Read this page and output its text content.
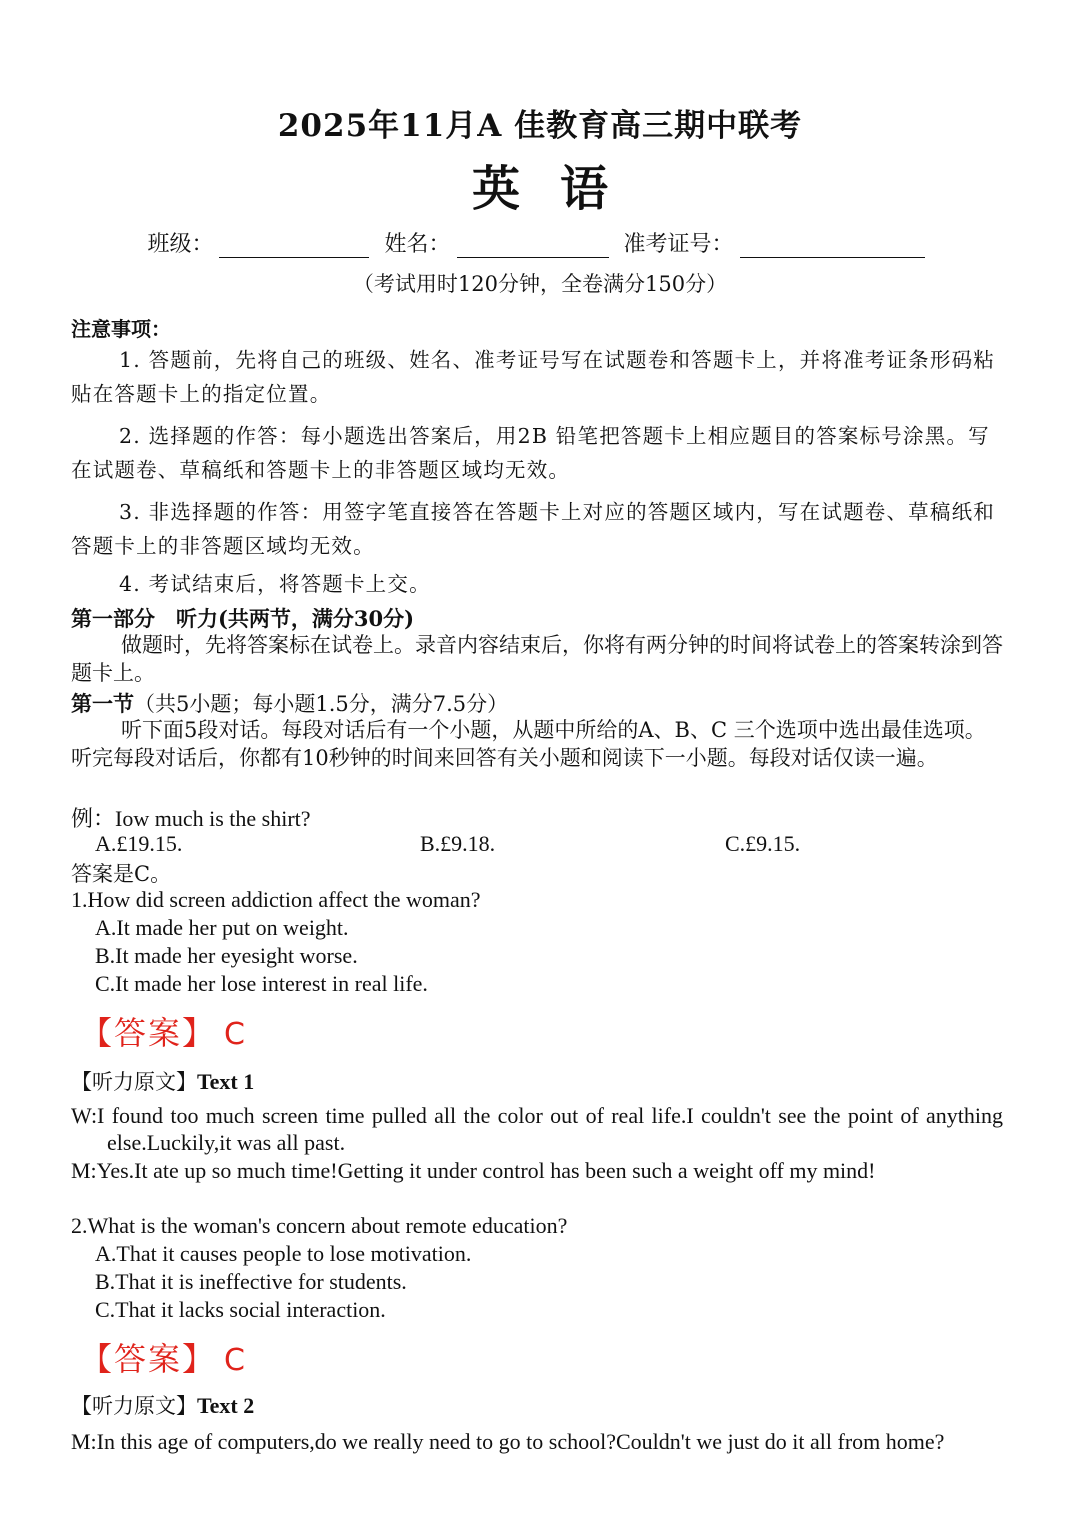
2025年11月A 佳教育高三期中联考
英语
班级：	姓名：	准考证号：
（考试用时120分钟，全卷满分150分）
注意事项：
1. 答题前，先将自己的班级、姓名、准考证号写在试题卷和答题卡上，并将准考证条形码粘贴在答题卡上的指定位置。
2. 选择题的作答：每小题选出答案后，用2B 铅笔把答题卡上相应题目的答案标号涂黑。写在试题卷、草稿纸和答题卡上的非答题区域均无效。
3. 非选择题的作答：用签字笔直接答在答题卡上对应的答题区域内，写在试题卷、草稿纸和答题卡上的非答题区域均无效。
4. 考试结束后，将答题卡上交。
第一部分　听力(共两节，满分30分)
做题时，先将答案标在试卷上。录音内容结束后，你将有两分钟的时间将试卷上的答案转涂到答题卡上。
第一节（共5小题；每小题1.5分，满分7.5分）
听下面5段对话。每段对话后有一个小题，从题中所给的A、B、C 三个选项中选出最佳选项。听完每段对话后，你都有10秒钟的时间来回答有关小题和阅读下一小题。每段对话仅读一遍。
例：Iow much is the shirt?
A.£19.15.	B.£9.18.	C.£9.15.
答案是C。
1.How did screen addiction affect the woman?
A.It made her put on weight.
B.It made her eyesight worse.
C.It made her lose interest in real life.
【答案】 C
【听力原文】Text 1
W:I found too much screen time pulled all the color out of real life.I couldn't see the point of anything else.Luckily,it was all past.
M:Yes.It ate up so much time!Getting it under control has been such a weight off my mind!
2.What is the woman's concern about remote education?
A.That it causes people to lose motivation.
B.That it is ineffective for students.
C.That it lacks social interaction.
【答案】 C
【听力原文】Text 2
M:In this age of computers,do we really need to go to school?Couldn't we just do it all from home?
